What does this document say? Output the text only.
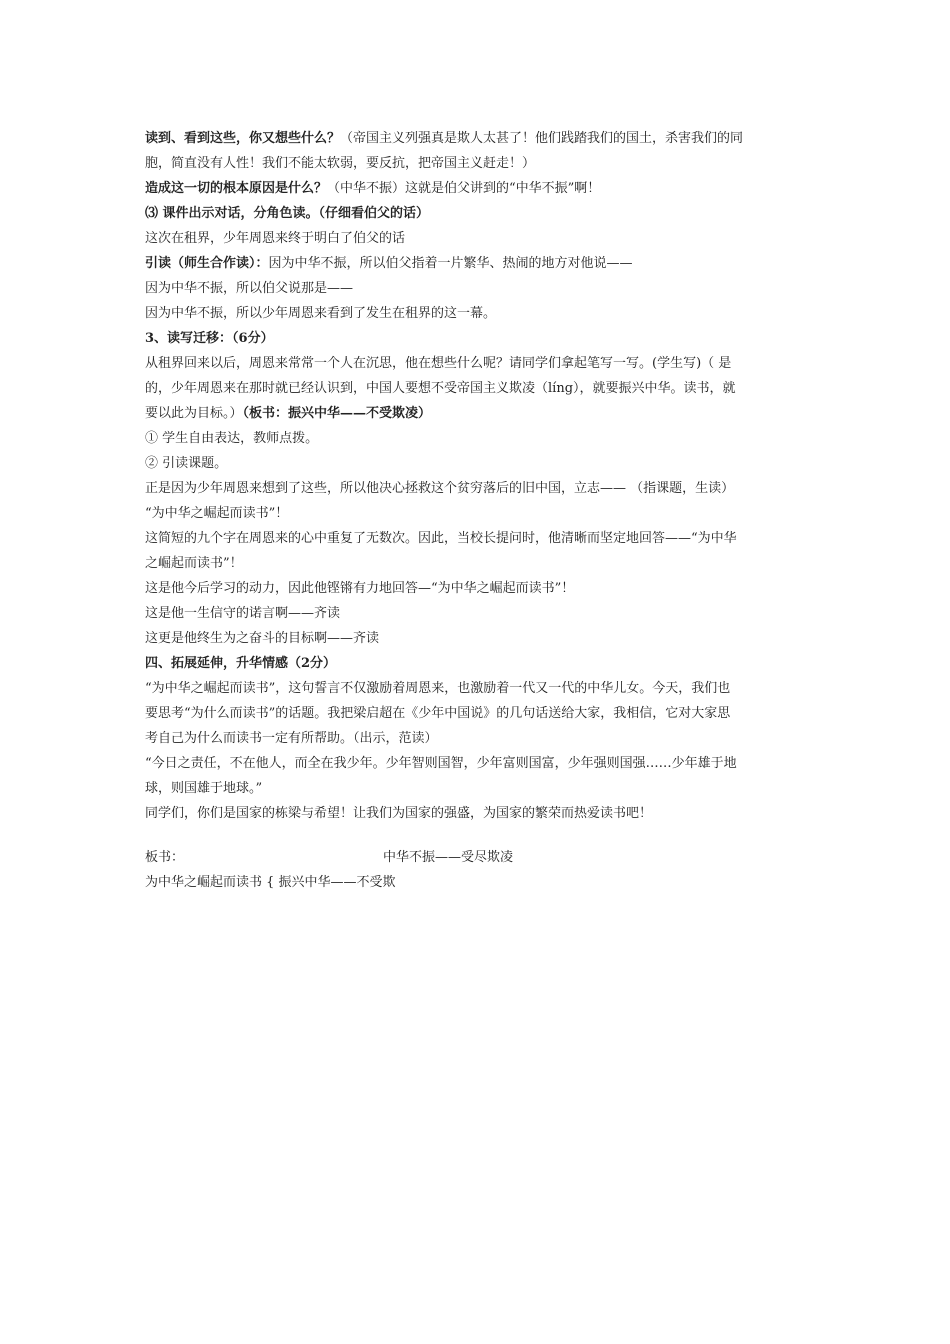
读到、看到这些，你又想些什么？（帝国主义列强真是欺人太甚了！他们践踏我们的国土，杀害我们的同
胞，简直没有人性！我们不能太软弱，要反抗，把帝国主义赶走！）
造成这一切的根本原因是什么？（中华不振）这就是伯父讲到的“中华不振”啊！
⑶ 课件出示对话，分角色读。（仔细看伯父的话）
这次在租界，少年周恩来终于明白了伯父的话
引读（师生合作读）：因为中华不振，所以伯父指着一片繁华、热闹的地方对他说——
因为中华不振，所以伯父说那是——
因为中华不振，所以少年周恩来看到了发生在租界的这一幕。
3、读写迁移：（6分）
从租界回来以后，周恩来常常一个人在沉思，他在想些什么呢？请同学们拿起笔写一写。(学生写)（ 是
的，少年周恩来在那时就已经认识到，中国人要想不受帝国主义欺凌（líng），就要振兴中华。读书，就
要以此为目标。）（板书：振兴中华——不受欺凌）
① 学生自由表达，教师点拨。
② 引读课题。
正是因为少年周恩来想到了这些，所以他决心拯救这个贫穷落后的旧中国，立志—— （指课题，生读）
“为中华之崛起而读书”！
这简短的九个字在周恩来的心中重复了无数次。因此，当校长提问时，他清晰而坚定地回答——“为中华
之崛起而读书”！
这是他今后学习的动力，因此他铿锵有力地回答—“为中华之崛起而读书”！
这是他一生信守的诺言啊——齐读
这更是他终生为之奋斗的目标啊——齐读
四、拓展延伸，升华情感（2分）
“为中华之崛起而读书”，这句誓言不仅激励着周恩来，也激励着一代又一代的中华儿女。今天，我们也
要思考“为什么而读书”的话题。我把梁启超在《少年中国说》的几句话送给大家，我相信，它对大家思
考自己为什么而读书一定有所帮助。（出示，范读）
“今日之责任，不在他人，而全在我少年。少年智则国智，少年富则国富，少年强则国强……少年雄于地
球，则国雄于地球。”
同学们，你们是国家的栋梁与希望！让我们为国家的强盛，为国家的繁荣而热爱读书吧！
板书：	中华不振——受尽欺凌
为中华之崛起而读书 { 振兴中华——不受欺
